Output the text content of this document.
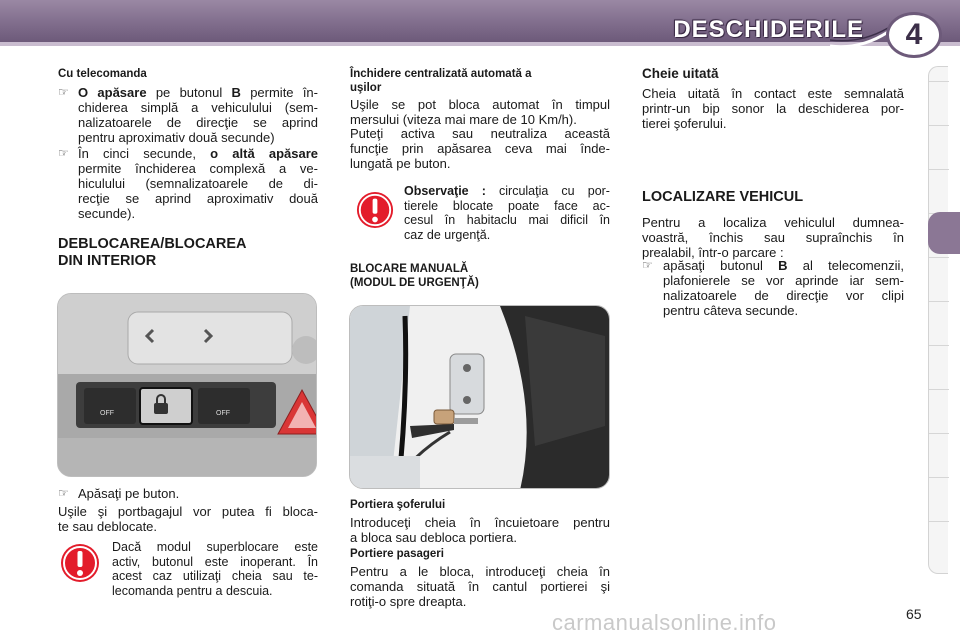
DESCHIDERILE 4
Cu telecomanda
☞ O apăsare pe butonul B permite în-
chiderea simplă a vehiculului (sem-
nalizatoarele de direcţie se aprind
pentru aproximativ două secunde)
☞ În cinci secunde, o altă apăsare
permite închiderea complexă a ve-
hiculului (semnalizatoarele de di-
recţie se aprind aproximativ două
secunde).
DEBLOCAREA/BLOCAREA
DIN INTERIOR
OFF	OFF
☞ Apăsaţi pe buton.
Uşile şi portbagajul vor putea fi bloca-
te sau deblocate.
Dacă modul superblocare este
activ, butonul este inoperant. În
acest caz utilizaţi cheia sau te-
lecomanda pentru a descuia.
Închidere centralizată automată a
uşilor
Uşile se pot bloca automat în timpul
mersului (viteza mai mare de 10 Km/h).
Puteţi activa sau neutraliza această
funcţie prin apăsarea ceva mai înde-
lungată pe buton.
Observaţie : circulaţia cu por-
tierele blocate poate face ac-
cesul în habitaclu mai dificil în
caz de urgenţă.
BLOCARE MANUALĂ
(MODUL DE URGENŢĂ)
Portiera şoferului
Introduceţi cheia în încuietoare pentru
a bloca sau debloca portiera.
Portiere pasageri
Pentru a le bloca, introduceţi cheia în
comanda situată în cantul portierei şi
rotiţi-o spre dreapta.
Cheie uitată
Cheia uitată în contact este semnalată
printr-un bip sonor la deschiderea por-
tierei şoferului.
LOCALIZARE VEHICUL
Pentru a localiza vehiculul dumnea-
voastră, închis sau supraînchis în
prealabil, într-o parcare :
☞ apăsaţi butonul B al telecomenzii,
plafonierele se vor aprinde iar sem-
nalizatoarele de direcţie vor clipi
pentru câteva secunde.
carmanualsonline.info	65
